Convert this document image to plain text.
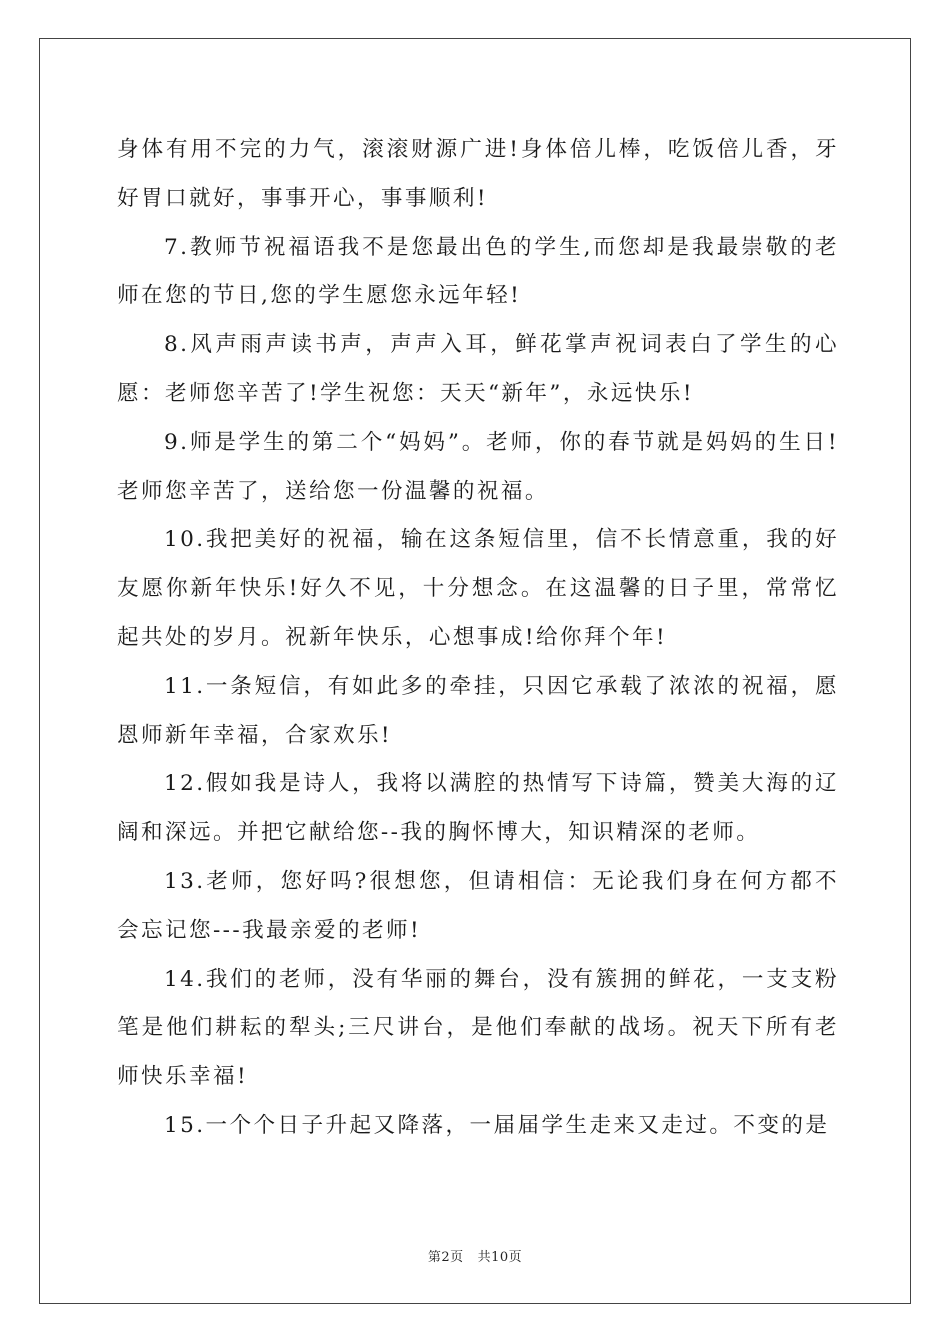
身体有用不完的力气，滚滚财源广进!身体倍儿棒，吃饭倍儿香，牙好胃口就好，事事开心，事事顺利!

7.教师节祝福语我不是您最出色的学生,而您却是我最崇敬的老师在您的节日,您的学生愿您永远年轻!

8.风声雨声读书声，声声入耳，鲜花掌声祝词表白了学生的心愿：老师您辛苦了!学生祝您：天天“新年”，永远快乐!

9.师是学生的第二个“妈妈”。老师，你的春节就是妈妈的生日!老师您辛苦了，送给您一份温馨的祝福。

10.我把美好的祝福，输在这条短信里，信不长情意重，我的好友愿你新年快乐!好久不见，十分想念。在这温馨的日子里，常常忆起共处的岁月。祝新年快乐，心想事成!给你拜个年!

11.一条短信，有如此多的牵挂，只因它承载了浓浓的祝福，愿恩师新年幸福，合家欢乐!

12.假如我是诗人，我将以满腔的热情写下诗篇，赞美大海的辽阔和深远。并把它献给您--我的胸怀博大，知识精深的老师。

13.老师，您好吗?很想您，但请相信：无论我们身在何方都不会忘记您---我最亲爱的老师!

14.我们的老师，没有华丽的舞台，没有簇拥的鲜花，一支支粉笔是他们耕耘的犁头;三尺讲台，是他们奉献的战场。祝天下所有老师快乐幸福!

15.一个个日子升起又降落，一届届学生走来又走过。不变的是

第2页 共10页
